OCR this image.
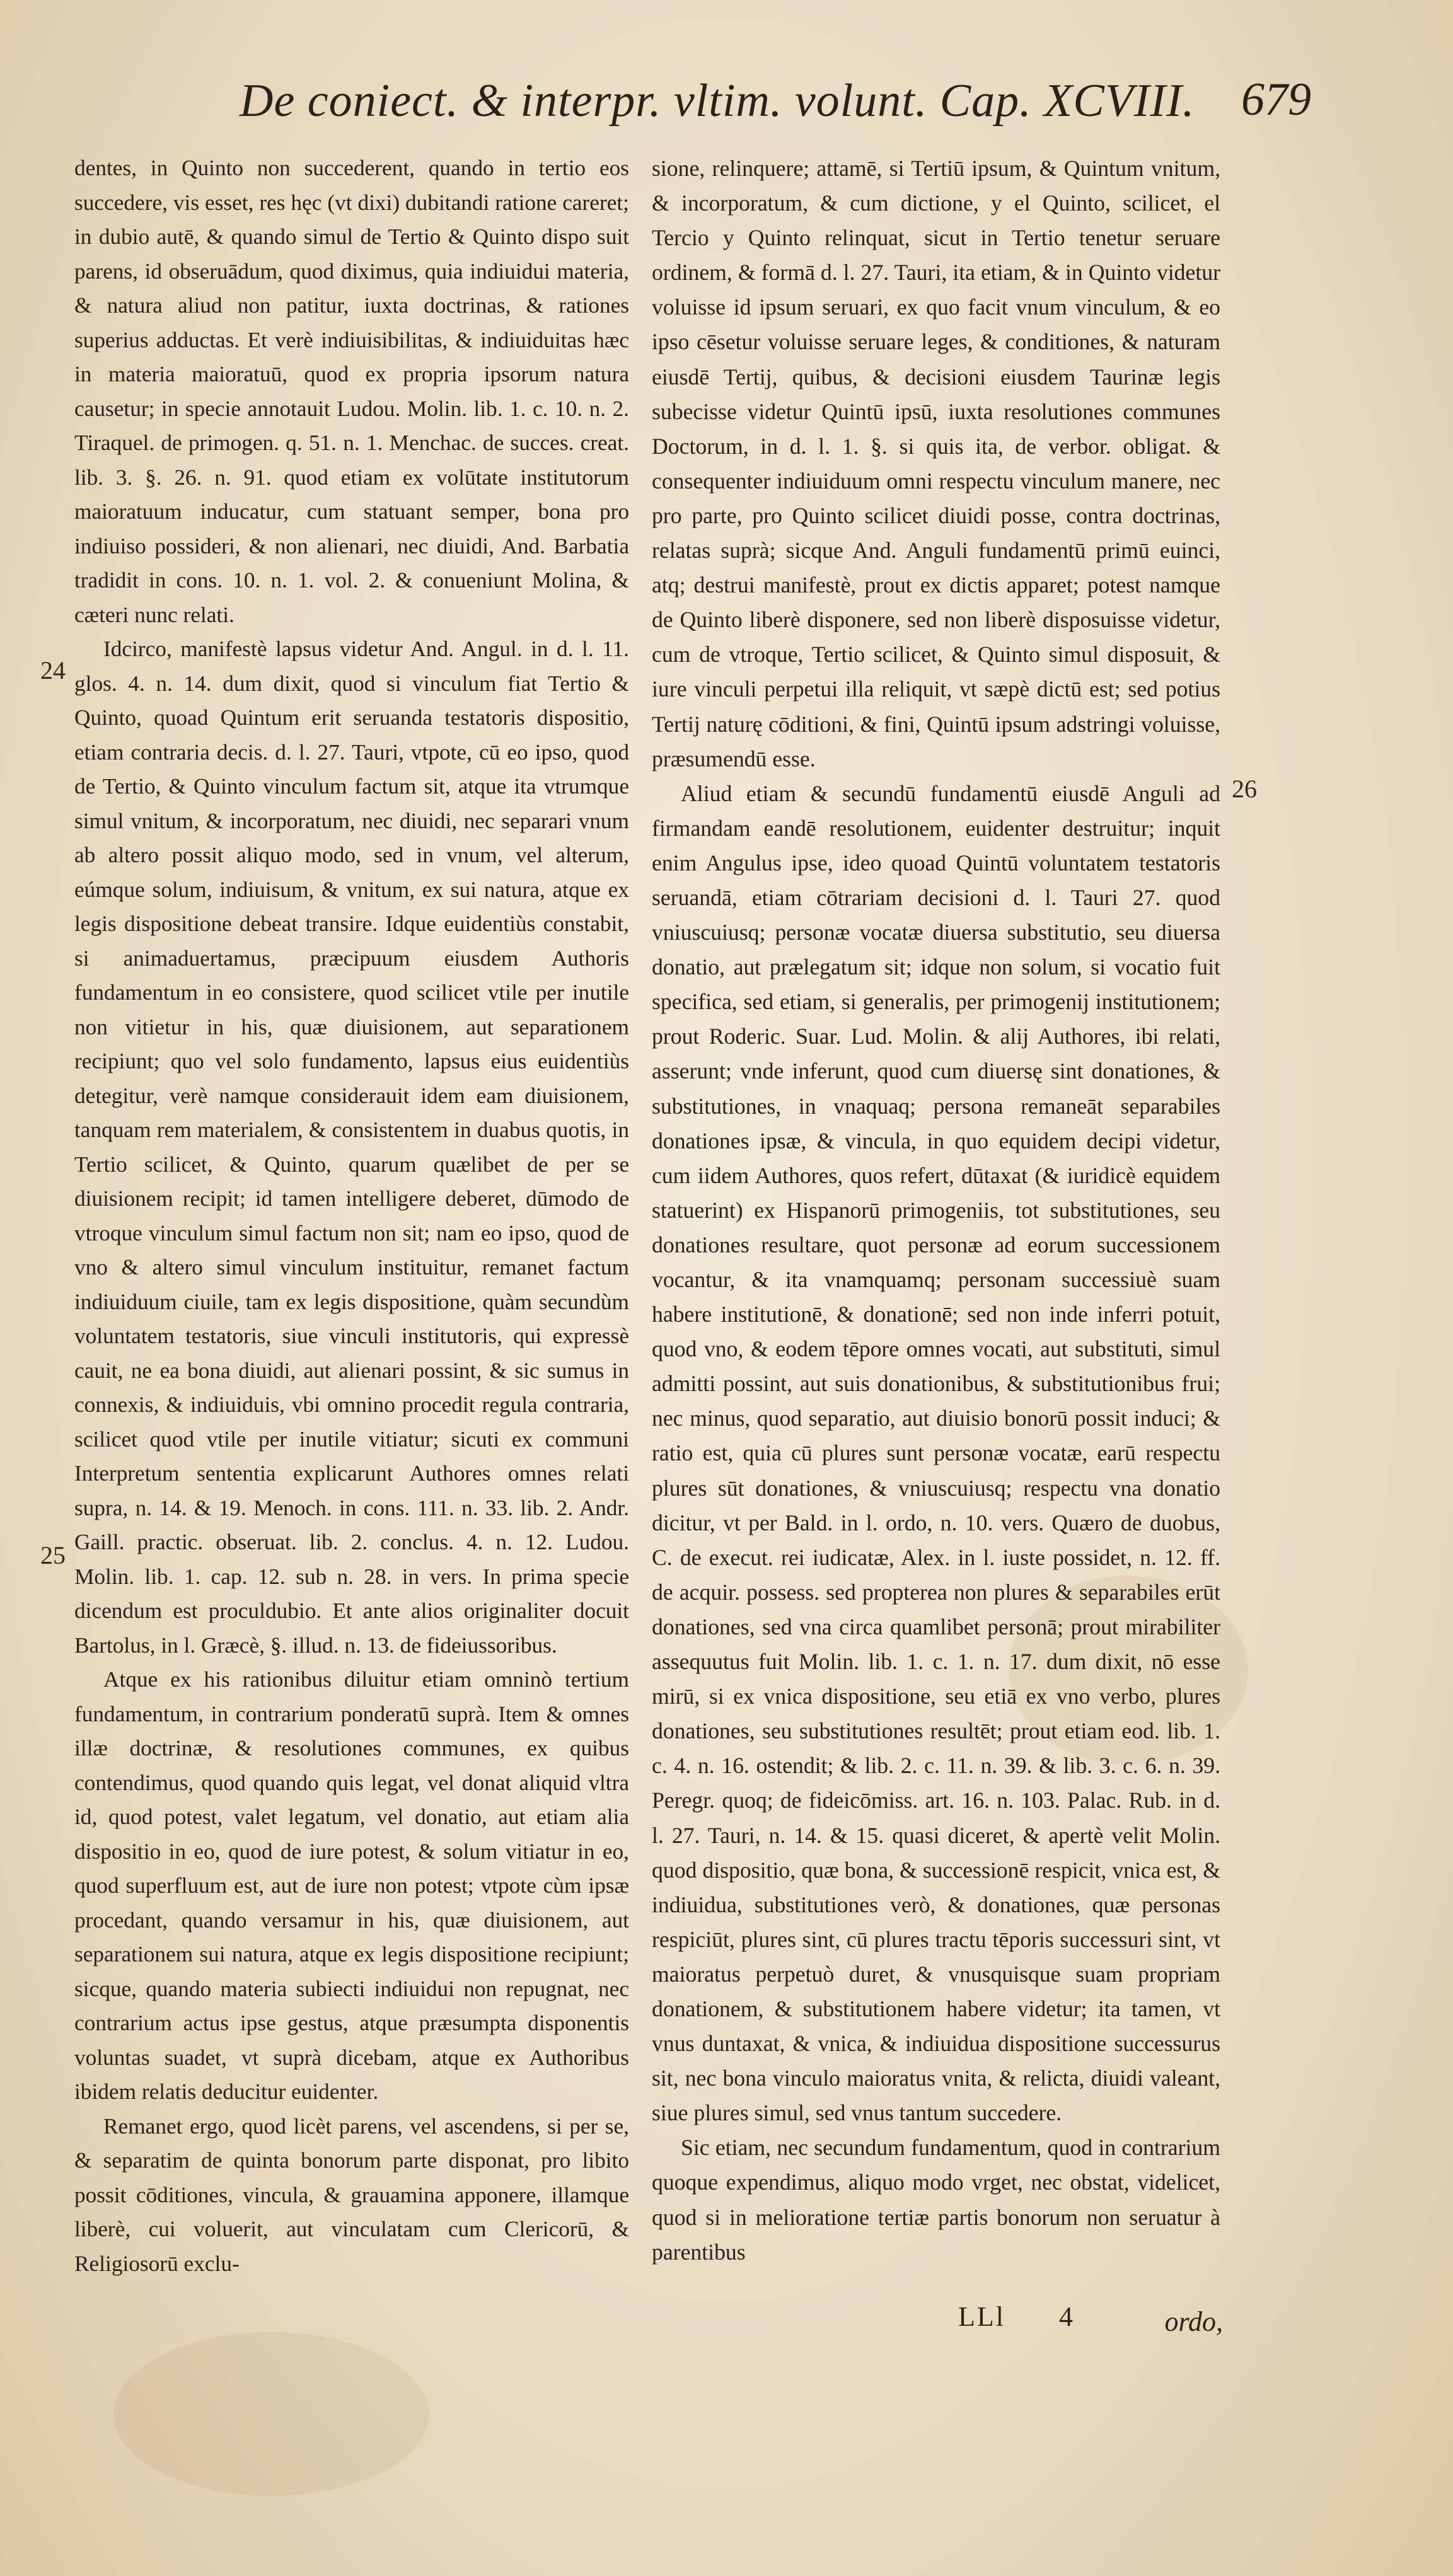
De coniect. & interpr. vltim. volunt. Cap. XCVIII. 679
24
25
26

dentes, in Quinto non succederent, quando in tertio eos succedere, vis esset, res hęc (vt dixi) dubitandi ratione careret; in dubio autē, & quando simul de Tertio & Quinto dispo suit parens, id obseruādum, quod diximus, quia indiuidui materia, & natura aliud non patitur, iuxta doctrinas, & rationes superius adductas. Et verè indiuisibilitas, & indiuiduitas hæc in materia maioratuū, quod ex propria ipsorum natura causetur; in specie annotauit Ludou. Molin. lib. 1. c. 10. n. 2. Tiraquel. de primogen. q. 51. n. 1. Menchac. de succes. creat. lib. 3. §. 26. n. 91. quod etiam ex volūtate institutorum maioratuum inducatur, cum statuant semper, bona pro indiuiso possideri, & non alienari, nec diuidi, And. Barbatia tradidit in cons. 10. n. 1. vol. 2. & conueniunt Molina, & cæteri nunc relati.

Idcirco, manifestè lapsus videtur And. Angul. in d. l. 11. glos. 4. n. 14. dum dixit, quod si vinculum fiat Tertio & Quinto, quoad Quintum erit seruanda testatoris dispositio, etiam contraria decis. d. l. 27. Tauri, vtpote, cū eo ipso, quod de Tertio, & Quinto vinculum factum sit, atque ita vtrumque simul vnitum, & incorporatum, nec diuidi, nec separari vnum ab altero possit aliquo modo, sed in vnum, vel alterum, eúmque solum, indiuisum, & vnitum, ex sui natura, atque ex legis dispositione debeat transire. Idque euidentiùs constabit, si animaduertamus, præcipuum eiusdem Authoris fundamentum in eo consistere, quod scilicet vtile per inutile non vitietur in his, quæ diuisionem, aut separationem recipiunt; quo vel solo fundamento, lapsus eius euidentiùs detegitur, verè namque considerauit idem eam diuisionem, tanquam rem materialem, & consistentem in duabus quotis, in Tertio scilicet, & Quinto, quarum quælibet de per se diuisionem recipit; id tamen intelligere deberet, dūmodo de vtroque vinculum simul factum non sit; nam eo ipso, quod de vno & altero simul vinculum instituitur, remanet factum indiuiduum ciuile, tam ex legis dispositione, quàm secundùm voluntatem testatoris, siue vinculi institutoris, qui expressè cauit, ne ea bona diuidi, aut alienari possint, & sic sumus in connexis, & indiuiduis, vbi omnino procedit regula contraria, scilicet quod vtile per inutile vitiatur; sicuti ex communi Interpretum sententia explicarunt Authores omnes relati supra, n. 14. & 19. Menoch. in cons. 111. n. 33. lib. 2. Andr. Gaill. practic. obseruat. lib. 2. conclus. 4. n. 12. Ludou. Molin. lib. 1. cap. 12. sub n. 28. in vers. In prima specie dicendum est proculdubio. Et ante alios originaliter docuit Bartolus, in l. Græcè, §. illud. n. 13. de fideiussoribus.

Atque ex his rationibus diluitur etiam omninò tertium fundamentum, in contrarium ponderatū suprà. Item & omnes illæ doctrinæ, & resolutiones communes, ex quibus contendimus, quod quando quis legat, vel donat aliquid vltra id, quod potest, valet legatum, vel donatio, aut etiam alia dispositio in eo, quod de iure potest, & solum vitiatur in eo, quod superfluum est, aut de iure non potest; vtpote cùm ipsæ procedant, quando versamur in his, quæ diuisionem, aut separationem sui natura, atque ex legis dispositione recipiunt; sicque, quando materia subiecti indiuidui non repugnat, nec contrarium actus ipse gestus, atque præsumpta disponentis voluntas suadet, vt suprà dicebam, atque ex Authoribus ibidem relatis deducitur euidenter.

Remanet ergo, quod licèt parens, vel ascendens, si per se, & separatim de quinta bonorum parte disponat, pro libito possit cōditiones, vincula, & grauamina apponere, illamque liberè, cui voluerit, aut vinculatam cum Clericorū, & Religiosorū exclu-

sione, relinquere; attamē, si Tertiū ipsum, & Quintum vnitum, & incorporatum, & cum dictione, y el Quinto, scilicet, el Tercio y Quinto relinquat, sicut in Tertio tenetur seruare ordinem, & formā d. l. 27. Tauri, ita etiam, & in Quinto videtur voluisse id ipsum seruari, ex quo facit vnum vinculum, & eo ipso cēsetur voluisse seruare leges, & conditiones, & naturam eiusdē Tertij, quibus, & decisioni eiusdem Taurinæ legis subecisse videtur Quintū ipsū, iuxta resolutiones communes Doctorum, in d. l. 1. §. si quis ita, de verbor. obligat. & consequenter indiuiduum omni respectu vinculum manere, nec pro parte, pro Quinto scilicet diuidi posse, contra doctrinas, relatas suprà; sicque And. Anguli fundamentū primū euinci, atq; destrui manifestè, prout ex dictis apparet; potest namque de Quinto liberè disponere, sed non liberè disposuisse videtur, cum de vtroque, Tertio scilicet, & Quinto simul disposuit, & iure vinculi perpetui illa reliquit, vt sæpè dictū est; sed potius Tertij naturę cōditioni, & fini, Quintū ipsum adstringi voluisse, præsumendū esse.

Aliud etiam & secundū fundamentū eiusdē Anguli ad firmandam eandē resolutionem, euidenter destruitur; inquit enim Angulus ipse, ideo quoad Quintū voluntatem testatoris seruandā, etiam cōtrariam decisioni d. l. Tauri 27. quod vniuscuiusq; personæ vocatæ diuersa substitutio, seu diuersa donatio, aut prælegatum sit; idque non solum, si vocatio fuit specifica, sed etiam, si generalis, per primogenij institutionem; prout Roderic. Suar. Lud. Molin. & alij Authores, ibi relati, asserunt; vnde inferunt, quod cum diuersę sint donationes, & substitutiones, in vnaquaq; persona remaneāt separabiles donationes ipsæ, & vincula, in quo equidem decipi videtur, cum iidem Authores, quos refert, dūtaxat (& iuridicè equidem statuerint) ex Hispanorū primogeniis, tot substitutiones, seu donationes resultare, quot personæ ad eorum successionem vocantur, & ita vnamquamq; personam successiuè suam habere institutionē, & donationē; sed non inde inferri potuit, quod vno, & eodem tēpore omnes vocati, aut substituti, simul admitti possint, aut suis donationibus, & substitutionibus frui; nec minus, quod separatio, aut diuisio bonorū possit induci; & ratio est, quia cū plures sunt personæ vocatæ, earū respectu plures sūt donationes, & vniuscuiusq; respectu vna donatio dicitur, vt per Bald. in l. ordo, n. 10. vers. Quæro de duobus, C. de execut. rei iudicatæ, Alex. in l. iuste possidet, n. 12. ff. de acquir. possess. sed propterea non plures & separabiles erūt donationes, sed vna circa quamlibet personā; prout mirabiliter assequutus fuit Molin. lib. 1. c. 1. n. 17. dum dixit, nō esse mirū, si ex vnica dispositione, seu etiā ex vno verbo, plures donationes, seu substitutiones resultēt; prout etiam eod. lib. 1. c. 4. n. 16. ostendit; & lib. 2. c. 11. n. 39. & lib. 3. c. 6. n. 39. Peregr. quoq; de fideicōmiss. art. 16. n. 103. Palac. Rub. in d. l. 27. Tauri, n. 14. & 15. quasi diceret, & apertè velit Molin. quod dispositio, quæ bona, & successionē respicit, vnica est, & indiuidua, substitutiones verò, & donationes, quæ personas respiciūt, plures sint, cū plures tractu tēporis successuri sint, vt maioratus perpetuò duret, & vnusquisque suam propriam donationem, & substitutionem habere videtur; ita tamen, vt vnus duntaxat, & vnica, & indiuidua dispositione successurus sit, nec bona vinculo maioratus vnita, & relicta, diuidi valeant, siue plures simul, sed vnus tantum succedere.

Sic etiam, nec secundum fundamentum, quod in contrarium quoque expendimus, aliquo modo vrget, nec obstat, videlicet, quod si in melioratione tertiæ partis bonorum non seruatur à parentibus

LLl 4	ordo,
